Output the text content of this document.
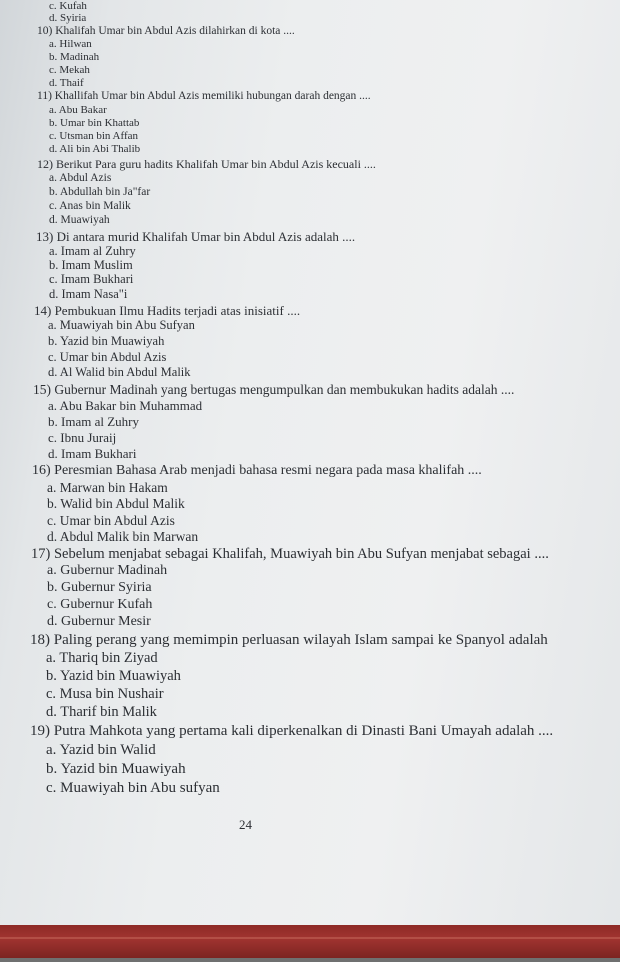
c. Kufah
d. Syiria
10) Khalifah Umar bin Abdul Azis dilahirkan di kota ....
a. Hilwan
b. Madinah
c. Mekah
d. Thaif
11) Khallifah Umar bin Abdul Azis memiliki hubungan darah dengan ....
a. Abu Bakar
b. Umar bin Khattab
c. Utsman bin Affan
d. Ali bin Abi Thalib
12) Berikut Para guru hadits Khalifah Umar bin Abdul Azis kecuali ....
a. Abdul Azis
b. Abdullah bin Ja"far
c. Anas bin Malik
d. Muawiyah
13) Di antara murid Khalifah Umar bin Abdul Azis adalah ....
a. Imam al Zuhry
b. Imam Muslim
c. Imam Bukhari
d. Imam Nasa"i
14) Pembukuan Ilmu Hadits terjadi atas inisiatif ....
a. Muawiyah bin Abu Sufyan
b. Yazid bin Muawiyah
c. Umar bin Abdul Azis
d. Al Walid bin Abdul Malik
15) Gubernur Madinah yang bertugas mengumpulkan dan membukukan hadits adalah ....
a. Abu Bakar bin Muhammad
b. Imam al Zuhry
c. Ibnu Juraij
d. Imam Bukhari
16) Peresmian Bahasa Arab menjadi bahasa resmi negara pada masa khalifah ....
a. Marwan bin Hakam
b. Walid bin Abdul Malik
c. Umar bin Abdul Azis
d. Abdul Malik bin Marwan
17) Sebelum menjabat sebagai Khalifah, Muawiyah bin Abu Sufyan menjabat sebagai ....
a. Gubernur Madinah
b. Gubernur Syiria
c. Gubernur Kufah
d. Gubernur Mesir
18) Paling perang yang memimpin perluasan wilayah Islam sampai ke Spanyol adalah
a. Thariq bin Ziyad
b. Yazid bin Muawiyah
c. Musa bin Nushair
d. Tharif bin Malik
19) Putra Mahkota yang pertama kali diperkenalkan di Dinasti Bani Umayah adalah ....
a. Yazid bin Walid
b. Yazid bin Muawiyah
c. Muawiyah bin Abu sufyan
24
